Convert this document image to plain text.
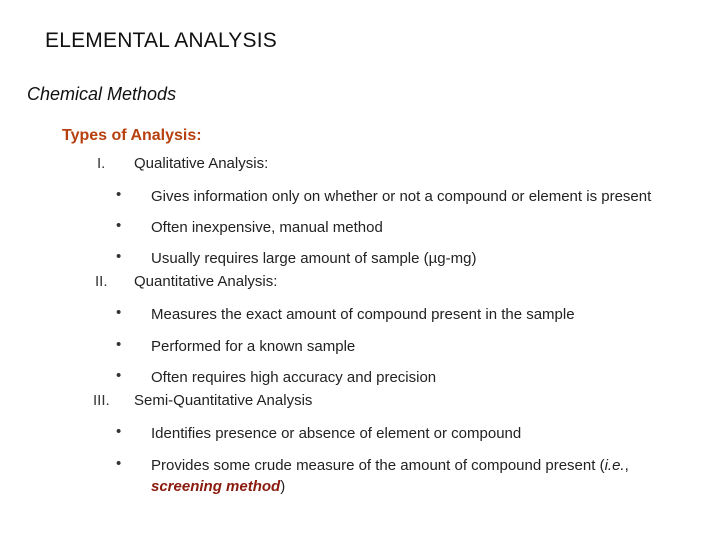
ELEMENTAL ANALYSIS
Chemical Methods
Types of Analysis:
I. Qualitative Analysis:
• Gives information only on whether or not a compound or element is present
• Often inexpensive, manual method
• Usually requires large amount of sample (µg-mg)
II. Quantitative Analysis:
• Measures the exact amount of compound present in the sample
• Performed for a known sample
• Often requires high accuracy and precision
III. Semi-Quantitative Analysis
• Identifies presence or absence of element or compound
• Provides some crude measure of the amount of compound present (i.e., screening method)
